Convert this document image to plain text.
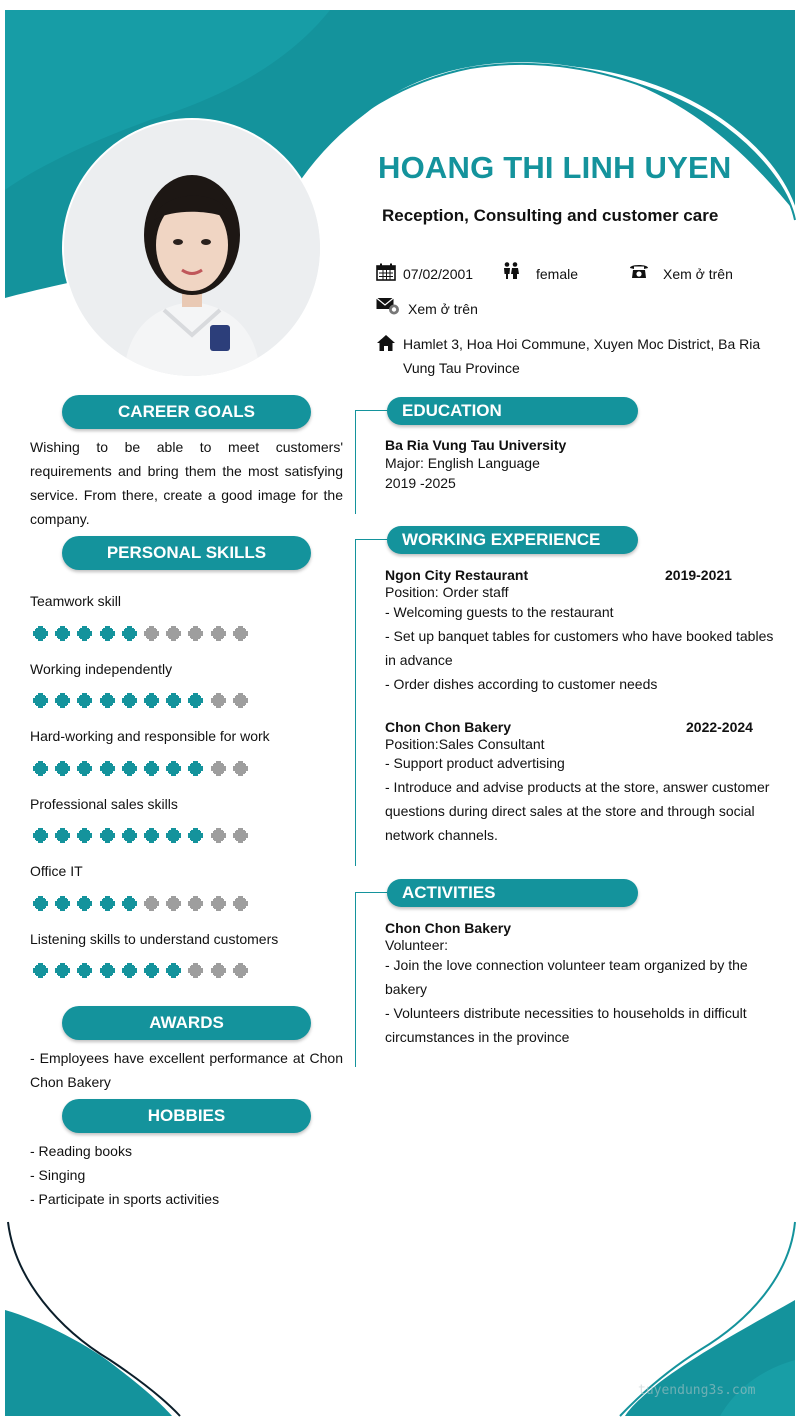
HOANG THI LINH UYEN
Reception, Consulting and customer care
07/02/2001	female	Xem ở trên
Xem ở trên
Hamlet 3, Hoa Hoi Commune, Xuyen Moc District, Ba Ria
Vung Tau Province
CAREER GOALS
Wishing to be able to meet customers' requirements and bring them the most satisfying service. From there, create a good image for the company.
PERSONAL SKILLS
Teamwork skill
Working independently
Hard-working and responsible for work
Professional sales skills
Office IT
Listening skills to understand customers
AWARDS
- Employees have excellent performance at Chon Chon Bakery
HOBBIES
- Reading books
- Singing
- Participate in sports activities
EDUCATION
Ba Ria Vung Tau University
Major: English Language
2019 -2025
WORKING EXPERIENCE
Ngon City Restaurant	2019-2021
Position: Order staff
- Welcoming guests to the restaurant
- Set up banquet tables for customers who have booked tables in advance
- Order dishes according to customer needs
Chon Chon Bakery	2022-2024
Position:Sales Consultant
- Support product advertising
- Introduce and advise products at the store, answer customer questions during direct sales at the store and through social network channels.
ACTIVITIES
Chon Chon Bakery
Volunteer:
- Join the love connection volunteer team organized by the bakery
- Volunteers distribute necessities to households in difficult circumstances in the province
tuyendung3s.com
